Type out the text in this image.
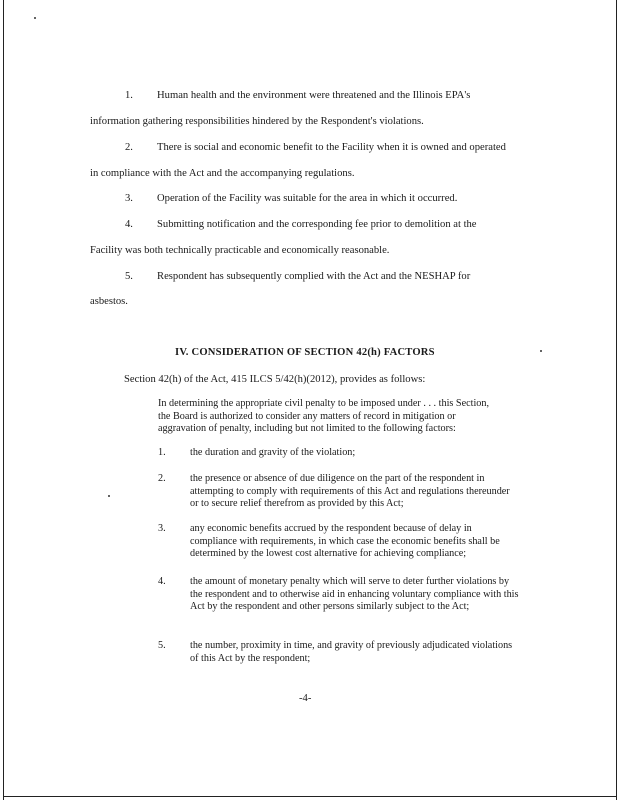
1. Human health and the environment were threatened and the Illinois EPA's
information gathering responsibilities hindered by the Respondent's violations.
2. There is social and economic benefit to the Facility when it is owned and operated
in compliance with the Act and the accompanying regulations.
3. Operation of the Facility was suitable for the area in which it occurred.
4. Submitting notification and the corresponding fee prior to demolition at the
Facility was both technically practicable and economically reasonable.
5. Respondent has subsequently complied with the Act and the NESHAP for
asbestos.
IV. CONSIDERATION OF SECTION 42(h) FACTORS
Section 42(h) of the Act, 415 ILCS 5/42(h)(2012), provides as follows:
In determining the appropriate civil penalty to be imposed under . . . this Section, the Board is authorized to consider any matters of record in mitigation or aggravation of penalty, including but not limited to the following factors:
1. the duration and gravity of the violation;
2. the presence or absence of due diligence on the part of the respondent in attempting to comply with requirements of this Act and regulations thereunder or to secure relief therefrom as provided by this Act;
3. any economic benefits accrued by the respondent because of delay in compliance with requirements, in which case the economic benefits shall be determined by the lowest cost alternative for achieving compliance;
4. the amount of monetary penalty which will serve to deter further violations by the respondent and to otherwise aid in enhancing voluntary compliance with this Act by the respondent and other persons similarly subject to the Act;
5. the number, proximity in time, and gravity of previously adjudicated violations of this Act by the respondent;
-4-
